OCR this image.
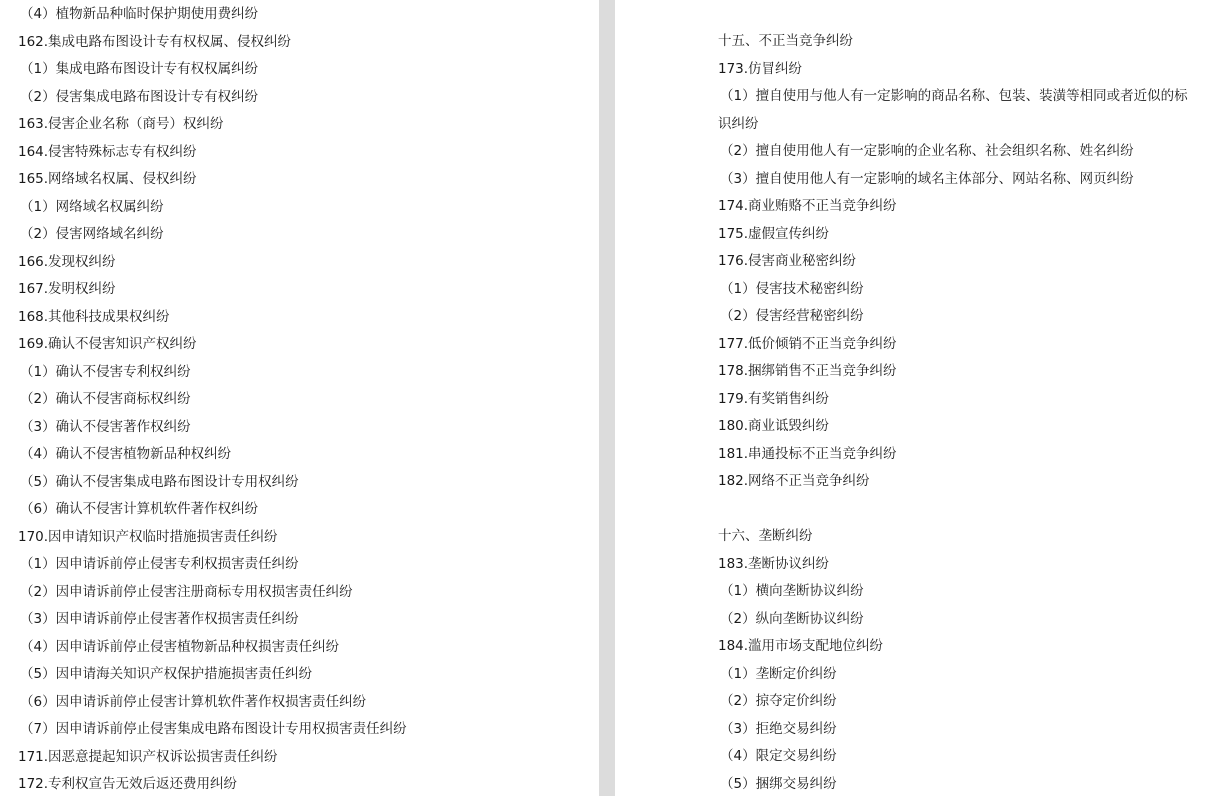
（4）植物新品种临时保护期使用费纠纷
162.集成电路布图设计专有权权属、侵权纠纷
（1）集成电路布图设计专有权权属纠纷
（2）侵害集成电路布图设计专有权纠纷
163.侵害企业名称（商号）权纠纷
164.侵害特殊标志专有权纠纷
165.网络域名权属、侵权纠纷
（1）网络域名权属纠纷
（2）侵害网络域名纠纷
166.发现权纠纷
167.发明权纠纷
168.其他科技成果权纠纷
169.确认不侵害知识产权纠纷
（1）确认不侵害专利权纠纷
（2）确认不侵害商标权纠纷
（3）确认不侵害著作权纠纷
（4）确认不侵害植物新品种权纠纷
（5）确认不侵害集成电路布图设计专用权纠纷
（6）确认不侵害计算机软件著作权纠纷
170.因申请知识产权临时措施损害责任纠纷
（1）因申请诉前停止侵害专利权损害责任纠纷
（2）因申请诉前停止侵害注册商标专用权损害责任纠纷
（3）因申请诉前停止侵害著作权损害责任纠纷
（4）因申请诉前停止侵害植物新品种权损害责任纠纷
（5）因申请海关知识产权保护措施损害责任纠纷
（6）因申请诉前停止侵害计算机软件著作权损害责任纠纷
（7）因申请诉前停止侵害集成电路布图设计专用权损害责任纠纷
171.因恶意提起知识产权诉讼损害责任纠纷
172.专利权宣告无效后返还费用纠纷
十五、不正当竞争纠纷
173.仿冒纠纷
（1）擅自使用与他人有一定影响的商品名称、包装、装潢等相同或者近似的标
识纠纷
（2）擅自使用他人有一定影响的企业名称、社会组织名称、姓名纠纷
（3）擅自使用他人有一定影响的域名主体部分、网站名称、网页纠纷
174.商业贿赂不正当竞争纠纷
175.虚假宣传纠纷
176.侵害商业秘密纠纷
（1）侵害技术秘密纠纷
（2）侵害经营秘密纠纷
177.低价倾销不正当竞争纠纷
178.捆绑销售不正当竞争纠纷
179.有奖销售纠纷
180.商业诋毁纠纷
181.串通投标不正当竞争纠纷
182.网络不正当竞争纠纷
十六、垄断纠纷
183.垄断协议纠纷
（1）横向垄断协议纠纷
（2）纵向垄断协议纠纷
184.滥用市场支配地位纠纷
（1）垄断定价纠纷
（2）掠夺定价纠纷
（3）拒绝交易纠纷
（4）限定交易纠纷
（5）捆绑交易纠纷
